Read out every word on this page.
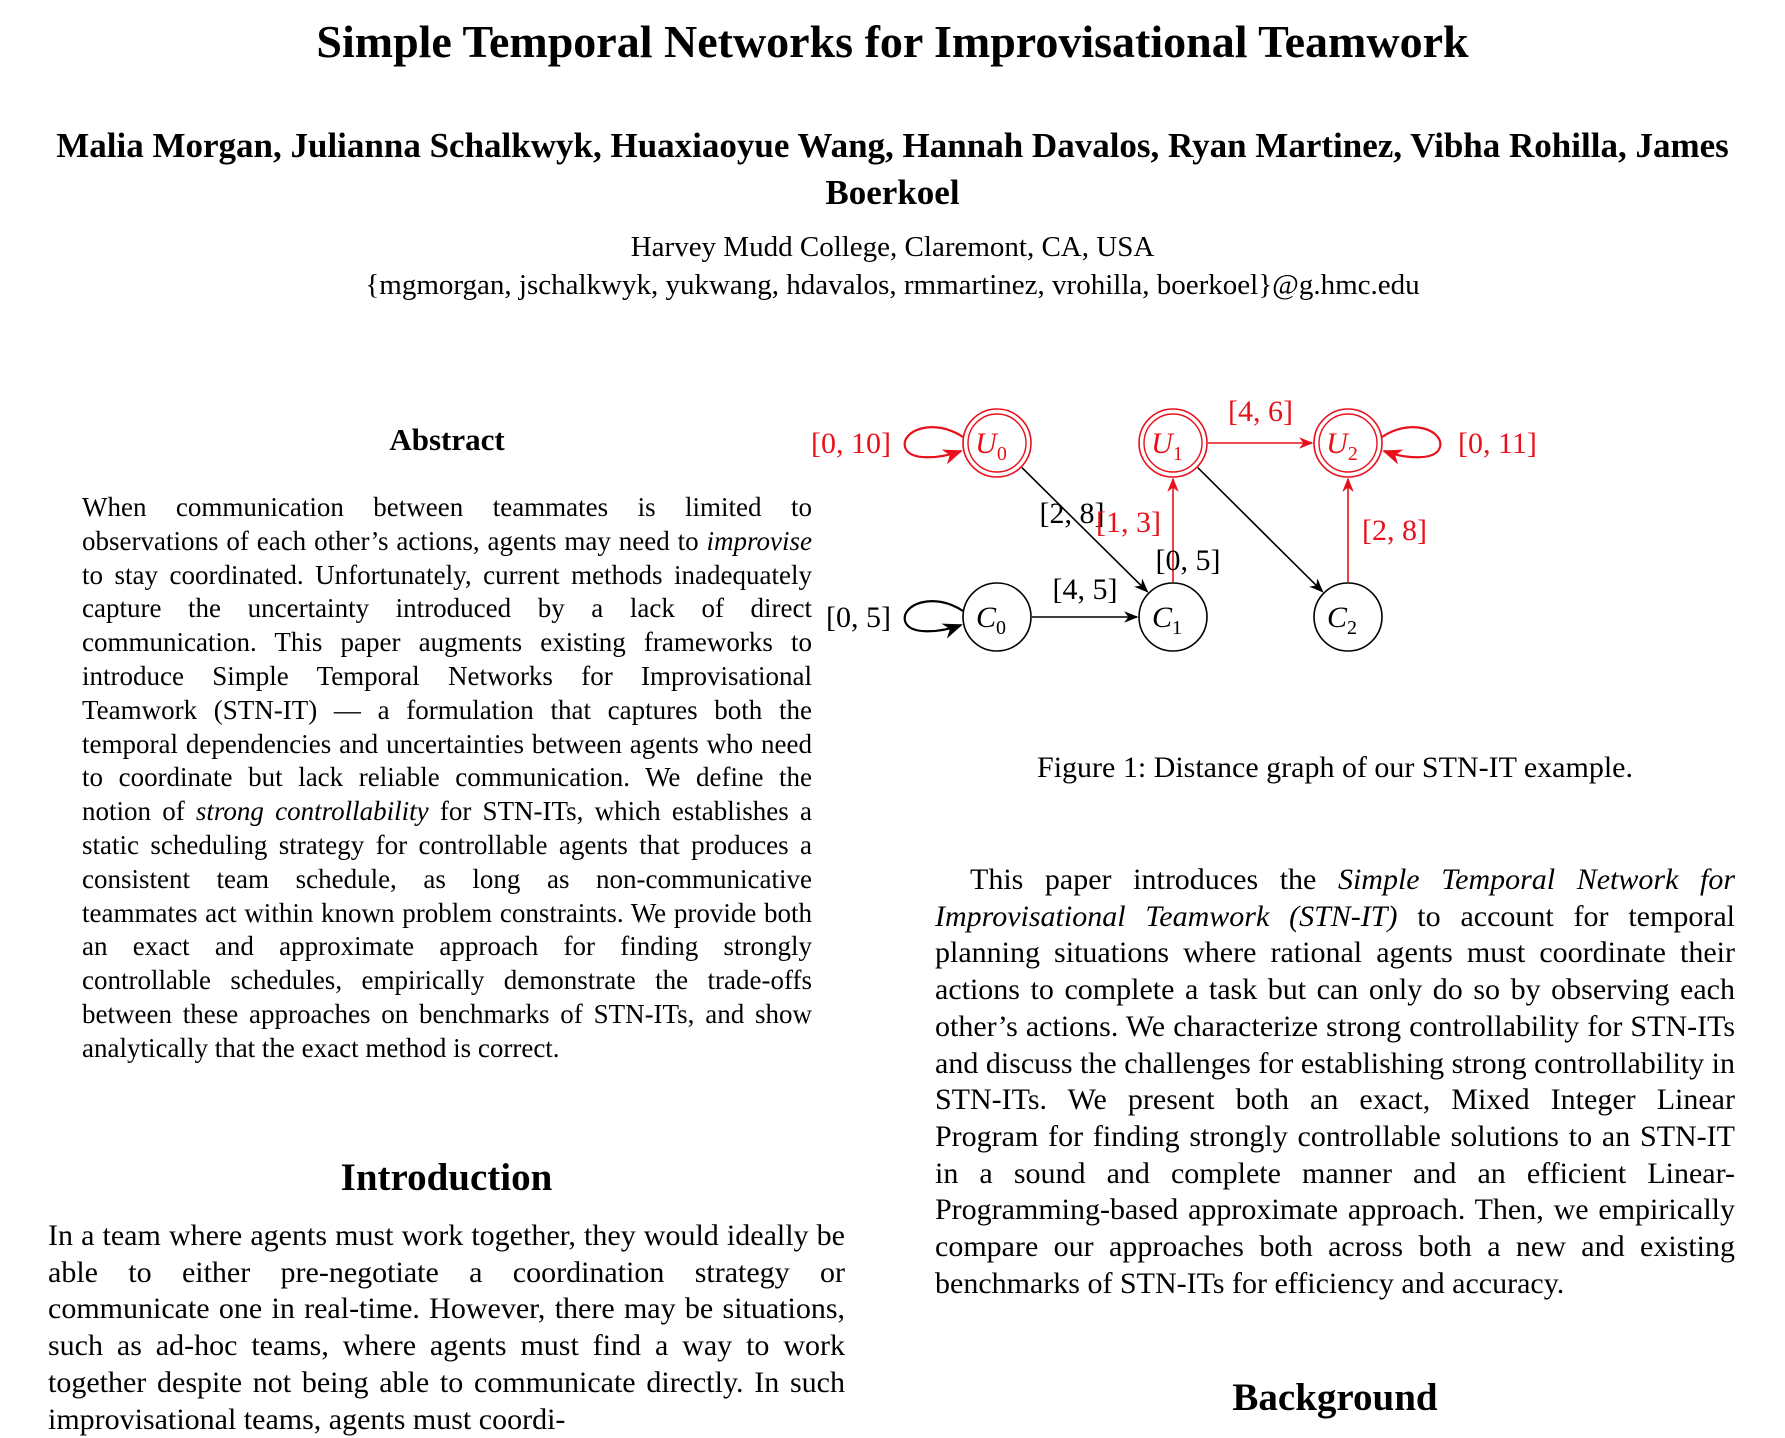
Simple Temporal Networks for Improvisational Teamwork
Malia Morgan, Julianna Schalkwyk, Huaxiaoyue Wang, Hannah Davalos, Ryan Martinez, Vibha Rohilla, James Boerkoel
Harvey Mudd College, Claremont, CA, USA
{mgmorgan, jschalkwyk, yukwang, hdavalos, rmmartinez, vrohilla, boerkoel}@g.hmc.edu
Abstract
When communication between teammates is limited to observations of each other’s actions, agents may need to improvise to stay coordinated. Unfortunately, current methods inadequately capture the uncertainty introduced by a lack of direct communication. This paper augments existing frameworks to introduce Simple Temporal Networks for Improvisational Teamwork (STN-IT) — a formulation that captures both the temporal dependencies and uncertainties between agents who need to coordinate but lack reliable communication. We define the notion of strong controllability for STN-ITs, which establishes a static scheduling strategy for controllable agents that produces a consistent team schedule, as long as non-communicative teammates act within known problem constraints. We provide both an exact and approximate approach for finding strongly controllable schedules, empirically demonstrate the trade-offs between these approaches on benchmarks of STN-ITs, and show analytically that the exact method is correct.
Introduction
In a team where agents must work together, they would ideally be able to either pre-negotiate a coordination strategy or communicate one in real-time. However, there may be situations, such as ad-hoc teams, where agents must find a way to work together despite not being able to communicate directly. In such improvisational teams, agents must coordi-
$U_0$	$U_1$	$U_2$
$C_0$	$C_1$	$C_2$
[0, 10]	[0, 11]
[0, 5]
[2, 8]
[1, 3]
[4, 6]
[0, 5]
[2, 8]
[4, 5]
Figure 1: Distance graph of our STN-IT example.
This paper introduces the Simple Temporal Network for Improvisational Teamwork (STN-IT) to account for temporal planning situations where rational agents must coordinate their actions to complete a task but can only do so by observing each other’s actions. We characterize strong controllability for STN-ITs and discuss the challenges for establishing strong controllability in STN-ITs. We present both an exact, Mixed Integer Linear Program for finding strongly controllable solutions to an STN-IT in a sound and complete manner and an efficient Linear-Programming-based approximate approach. Then, we empirically compare our approaches both across both a new and existing benchmarks of STN-ITs for efficiency and accuracy.
Background
